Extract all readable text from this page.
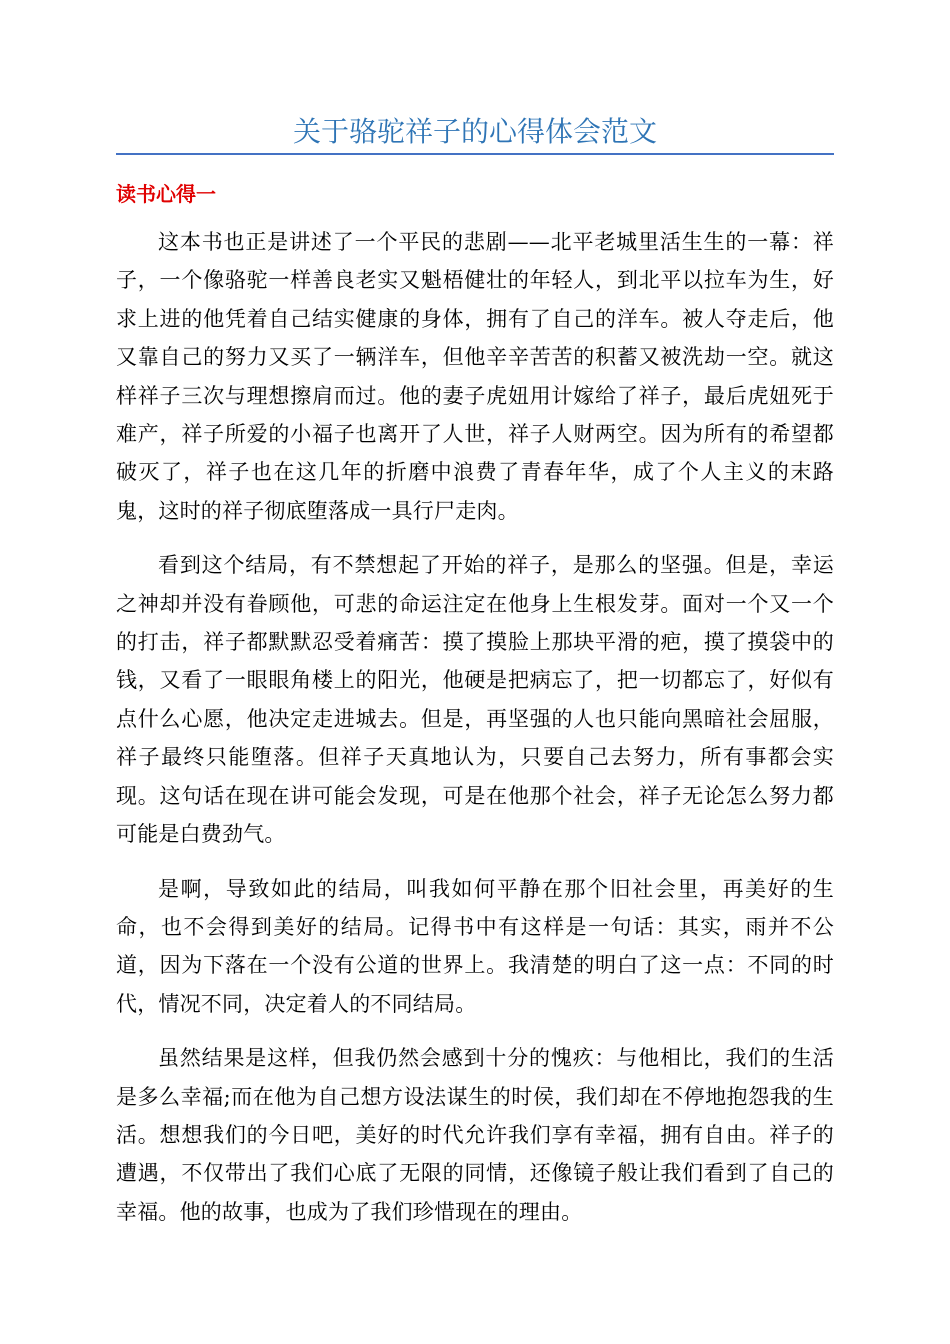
关于骆驼祥子的心得体会范文
读书心得一

这本书也正是讲述了一个平民的悲剧——北平老城里活生生的一幕：祥子，一个像骆驼一样善良老实又魁梧健壮的年轻人，到北平以拉车为生，好求上进的他凭着自己结实健康的身体，拥有了自己的洋车。被人夺走后，他又靠自己的努力又买了一辆洋车，但他辛辛苦苦的积蓄又被洗劫一空。就这样祥子三次与理想擦肩而过。他的妻子虎妞用计嫁给了祥子，最后虎妞死于难产，祥子所爱的小福子也离开了人世，祥子人财两空。因为所有的希望都破灭了，祥子也在这几年的折磨中浪费了青春年华，成了个人主义的末路鬼，这时的祥子彻底堕落成一具行尸走肉。

看到这个结局，有不禁想起了开始的祥子，是那么的坚强。但是，幸运之神却并没有眷顾他，可悲的命运注定在他身上生根发芽。面对一个又一个的打击，祥子都默默忍受着痛苦：摸了摸脸上那块平滑的疤，摸了摸袋中的钱，又看了一眼眼角楼上的阳光，他硬是把病忘了，把一切都忘了，好似有点什么心愿，他决定走进城去。但是，再坚强的人也只能向黑暗社会屈服，祥子最终只能堕落。但祥子天真地认为，只要自己去努力，所有事都会实现。这句话在现在讲可能会发现，可是在他那个社会，祥子无论怎么努力都可能是白费劲气。

是啊，导致如此的结局，叫我如何平静在那个旧社会里，再美好的生命，也不会得到美好的结局。记得书中有这样是一句话：其实，雨并不公道，因为下落在一个没有公道的世界上。我清楚的明白了这一点：不同的时代，情况不同，决定着人的不同结局。

虽然结果是这样，但我仍然会感到十分的愧疚：与他相比，我们的生活是多么幸福;而在他为自己想方设法谋生的时侯，我们却在不停地抱怨我的生活。想想我们的今日吧，美好的时代允许我们享有幸福，拥有自由。祥子的遭遇，不仅带出了我们心底了无限的同情，还像镜子般让我们看到了自己的幸福。他的故事，也成为了我们珍惜现在的理由。
